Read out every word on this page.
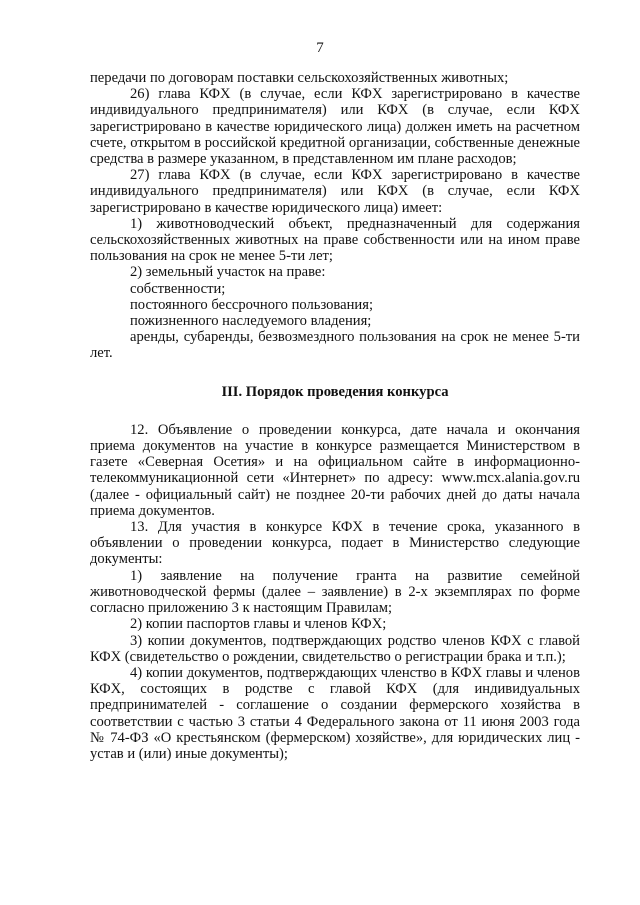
7

передачи по договорам поставки сельскохозяйственных животных;

26) глава КФХ (в случае, если КФХ зарегистрировано в качестве индивидуального предпринимателя) или КФХ (в случае, если КФХ зарегистрировано в качестве юридического лица) должен иметь на расчетном счете, открытом в российской кредитной организации, собственные денежные средства в размере указанном, в представленном им плане расходов;

27) глава КФХ (в случае, если КФХ зарегистрировано в качестве индивидуального предпринимателя) или КФХ (в случае, если КФХ зарегистрировано в качестве юридического лица) имеет:

1) животноводческий объект, предназначенный для содержания сельскохозяйственных животных на праве собственности или на ином праве пользования на срок не менее 5-ти лет;

2) земельный участок на праве:

собственности;

постоянного бессрочного пользования;

пожизненного наследуемого владения;

аренды, субаренды, безвозмездного пользования на срок не менее 5-ти лет.

III. Порядок проведения конкурса

12. Объявление о проведении конкурса, дате начала и окончания приема документов на участие в конкурсе размещается Министерством в газете «Северная Осетия» и на официальном сайте в информационно-телекоммуникационной сети «Интернет» по адресу: www.mcx.alania.gov.ru (далее - официальный сайт) не позднее 20-ти рабочих дней до даты начала приема документов.

13. Для участия в конкурсе КФХ в течение срока, указанного в объявлении о проведении конкурса, подает в Министерство следующие документы:

1) заявление на получение гранта на развитие семейной животноводческой фермы (далее – заявление) в 2-х экземплярах по форме согласно приложению 3 к настоящим Правилам;

2) копии паспортов главы и членов КФХ;

3) копии документов, подтверждающих родство членов КФХ с главой КФХ (свидетельство о рождении, свидетельство о регистрации брака и т.п.);

4) копии документов, подтверждающих членство в КФХ главы и членов КФХ, состоящих в родстве с главой КФХ (для индивидуальных предпринимателей - соглашение о создании фермерского хозяйства в соответствии с частью 3 статьи 4 Федерального закона от 11 июня 2003 года № 74-ФЗ «О крестьянском (фермерском) хозяйстве», для юридических лиц - устав и (или) иные документы);
